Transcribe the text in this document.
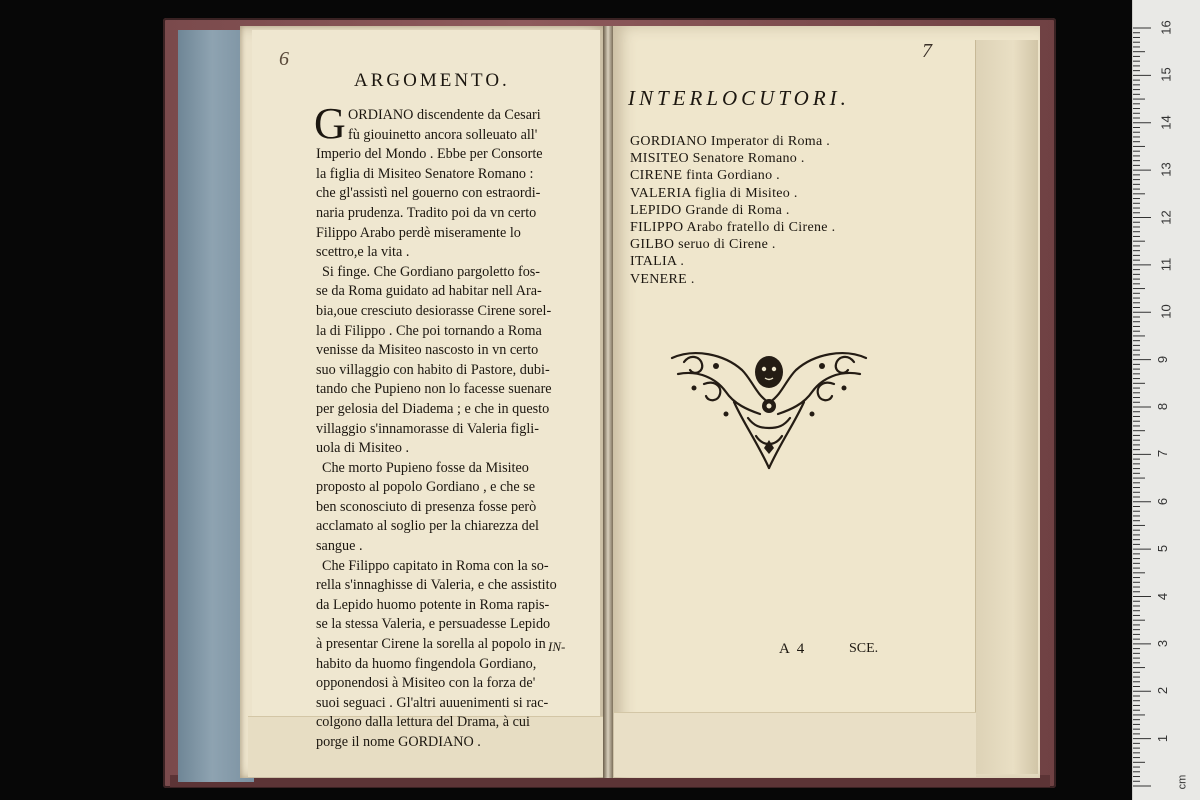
6
ARGOMENTO.
G ORDIANO discendente da Cesari
fù giouinetto ancora solleuato all'
Imperio del Mondo . Ebbe per Consorte
la figlia di Misiteo Senatore Romano :
che gl'assistì nel gouerno con estraordi-
naria prudenza. Tradito poi da vn certo
Filippo Arabo perdè miseramente lo
scettro,e la vita .
Si finge. Che Gordiano pargoletto fos-
se da Roma guidato ad habitar nell Ara-
bia,oue cresciuto desiorasse Cirene sorel-
la di Filippo . Che poi tornando a Roma
venisse da Misiteo nascosto in vn certo
suo villaggio con habito di Pastore, dubi-
tando che Pupieno non lo facesse suenare
per gelosia del Diadema ; e che in questo
villaggio s'innamorasse di Valeria figli-
uola di Misiteo .
Che morto Pupieno fosse da Misiteo
proposto al popolo Gordiano , e che se
ben sconosciuto di presenza fosse però
acclamato al soglio per la chiarezza del
sangue .
Che Filippo capitato in Roma con la so-
rella s'innaghisse di Valeria, e che assistito
da Lepido huomo potente in Roma rapis-
se la stessa Valeria, e persuadesse Lepido
à presentar Cirene la sorella al popolo in
habito da huomo fingendola Gordiano,
opponendosi à Misiteo con la forza de'
suoi seguaci . Gl'altri auuenimenti si rac-
colgono dalla lettura del Drama, à cui
porge il nome GORDIANO .
IN-
7
INTERLOCUTORI.
GORDIANO Imperator di Roma .
MISITEO Senatore Romano .
CIRENE finta Gordiano .
VALERIA figlia di Misiteo .
LEPIDO Grande di Roma .
FILIPPO Arabo fratello di Cirene .
GILBO seruo di Cirene .
ITALIA .
VENERE .
A 4	SCE.
16
15
14
13
12
11
10
9
8
7
6
5
4
3
2
1
cm
